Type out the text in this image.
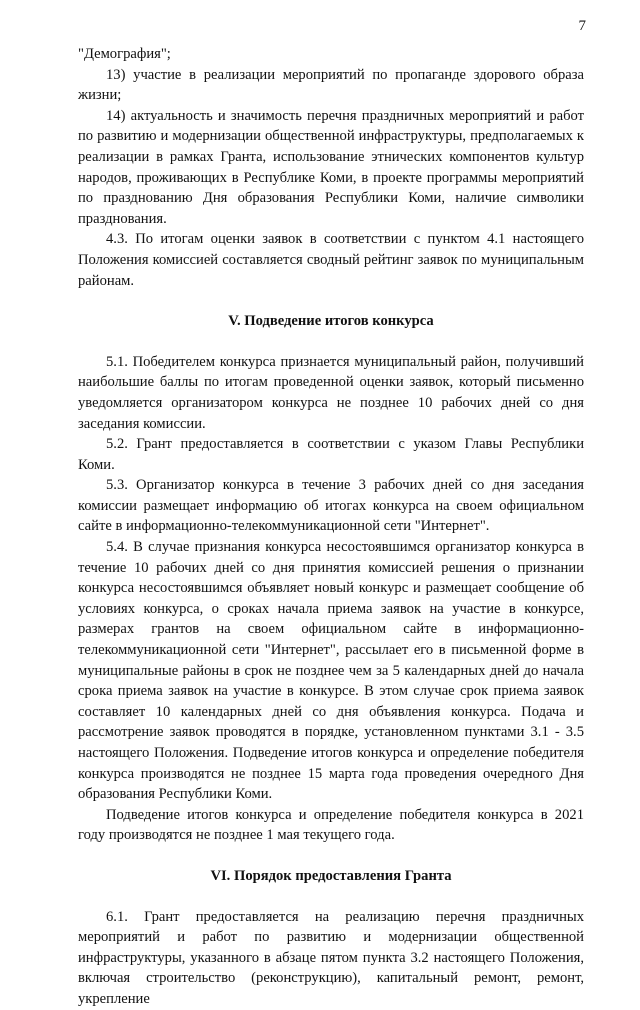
7

"Демография";

13) участие в реализации мероприятий по пропаганде здорового образа жизни;

14) актуальность и значимость перечня праздничных мероприятий и работ по развитию и модернизации общественной инфраструктуры, предполагаемых к реализации в рамках Гранта, использование этнических компонентов культур народов, проживающих в Республике Коми, в проекте программы мероприятий по празднованию Дня образования Республики Коми, наличие символики празднования.

4.3. По итогам оценки заявок в соответствии с пунктом 4.1 настоящего Положения комиссией составляется сводный рейтинг заявок по муниципальным районам.

V. Подведение итогов конкурса

5.1. Победителем конкурса признается муниципальный район, получивший наибольшие баллы по итогам проведенной оценки заявок, который письменно уведомляется организатором конкурса не позднее 10 рабочих дней со дня заседания комиссии.

5.2. Грант предоставляется в соответствии с указом Главы Республики Коми.

5.3. Организатор конкурса в течение 3 рабочих дней со дня заседания комиссии размещает информацию об итогах конкурса на своем официальном сайте в информационно-телекоммуникационной сети "Интернет".

5.4. В случае признания конкурса несостоявшимся организатор конкурса в течение 10 рабочих дней со дня принятия комиссией решения о признании конкурса несостоявшимся объявляет новый конкурс и размещает сообщение об условиях конкурса, о сроках начала приема заявок на участие в конкурсе, размерах грантов на своем официальном сайте в информационно-телекоммуникационной сети "Интернет", рассылает его в письменной форме в муниципальные районы в срок не позднее чем за 5 календарных дней до начала срока приема заявок на участие в конкурсе. В этом случае срок приема заявок составляет 10 календарных дней со дня объявления конкурса. Подача и рассмотрение заявок проводятся в порядке, установленном пунктами 3.1 - 3.5 настоящего Положения. Подведение итогов конкурса и определение победителя конкурса производятся не позднее 15 марта года проведения очередного Дня образования Республики Коми.

Подведение итогов конкурса и определение победителя конкурса в 2021 году производятся не позднее 1 мая текущего года.

VI. Порядок предоставления Гранта

6.1. Грант предоставляется на реализацию перечня праздничных мероприятий и работ по развитию и модернизации общественной инфраструктуры, указанного в абзаце пятом пункта 3.2 настоящего Положения, включая строительство (реконструкцию), капитальный ремонт, ремонт, укрепление
